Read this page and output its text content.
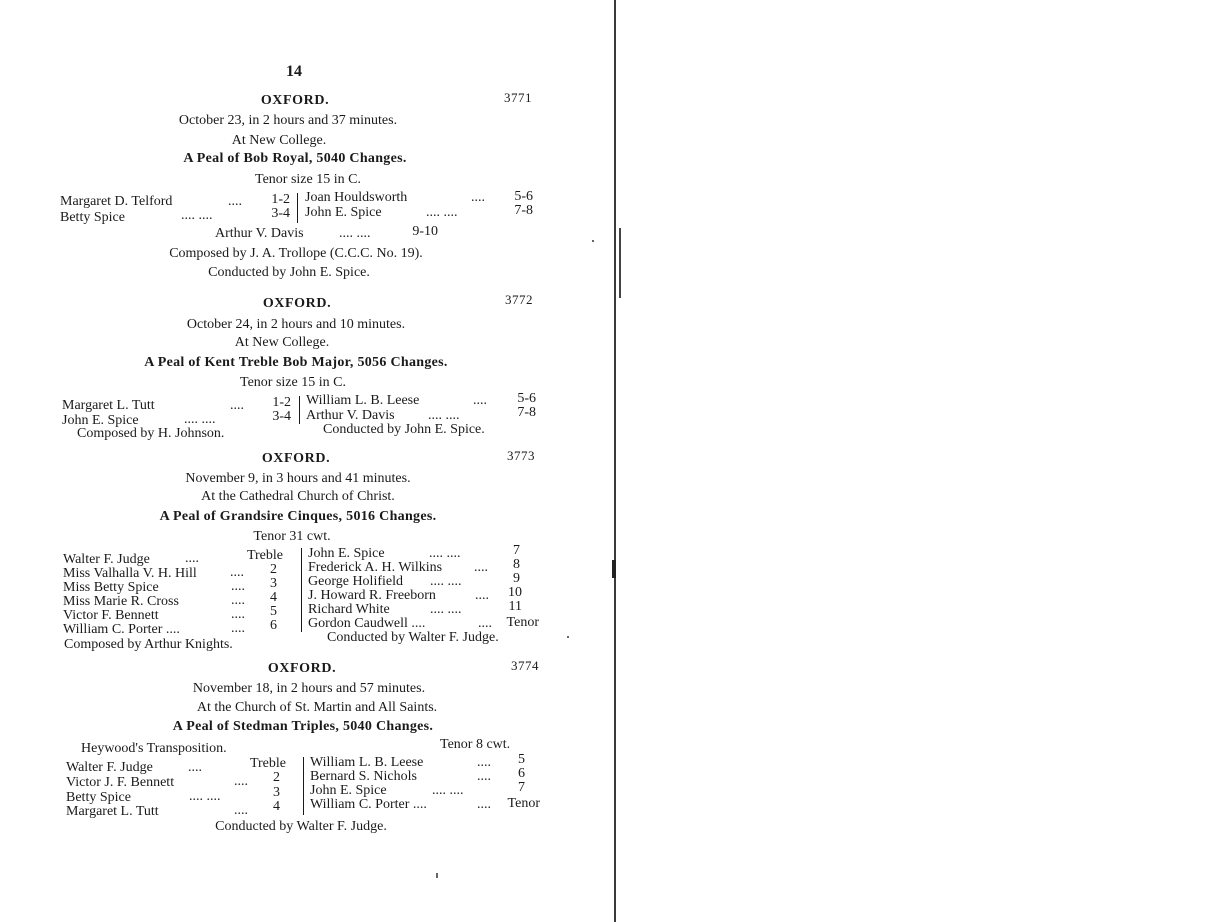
14
OXFORD.	3771
October 23, in 2 hours and 37 minutes.
At New College.
A Peal of Bob Royal, 5040 Changes.
Tenor size 15 in C.
Margaret D. Telford	.... 1-2
Betty Spice	.... ....	3-4
Joan Houldsworth	.... 5-6
John E. Spice	.... ....	7-8
Arthur V. Davis	.... ....	9-10
Composed by J. A. Trollope (C.C.C. No. 19).
Conducted by John E. Spice.
OXFORD.	3772
October 24, in 2 hours and 10 minutes.
At New College.
A Peal of Kent Treble Bob Major, 5056 Changes.
Tenor size 15 in C.
Margaret L. Tutt	.... 1-2
John E. Spice	.... ....	3-4
William L. B. Leese	.... 5-6
Arthur V. Davis .... ....	7-8
Composed by H. Johnson.	Conducted by John E. Spice.
OXFORD.	3773
November 9, in 3 hours and 41 minutes.
At the Cathedral Church of Christ.
A Peal of Grandsire Cinques, 5016 Changes.
Tenor 31 cwt.
Walter F. Judge	....	Treble
Miss Valhalla V. H. Hill .... 2
Miss Betty Spice	.... 3
Miss Marie R. Cross	.... 4
Victor F. Bennett	.... 5
William C. Porter ....	.... 6
John E. Spice	.... ....	7
Frederick A. H. Wilkins .... 8
George Holifield .... ....	9
J. Howard R. Freeborn	.... 10
Richard White	.... ....	11
Gordon Caudwell ....	.... Tenor
Composed by Arthur Knights.	Conducted by Walter F. Judge.
OXFORD.	3774
November 18, in 2 hours and 57 minutes.
At the Church of St. Martin and All Saints.
A Peal of Stedman Triples, 5040 Changes.
Heywood's Transposition.	Tenor 8 cwt.
Walter F. Judge	....	Treble
Victor J. F. Bennett	.... 2
Betty Spice	.... ....	3
Margaret L. Tutt	.... 4
William L. B. Leese	.... 5
Bernard S. Nichols	.... 6
John E. Spice	.... ....	7
William C. Porter ....	.... Tenor
Conducted by Walter F. Judge.
